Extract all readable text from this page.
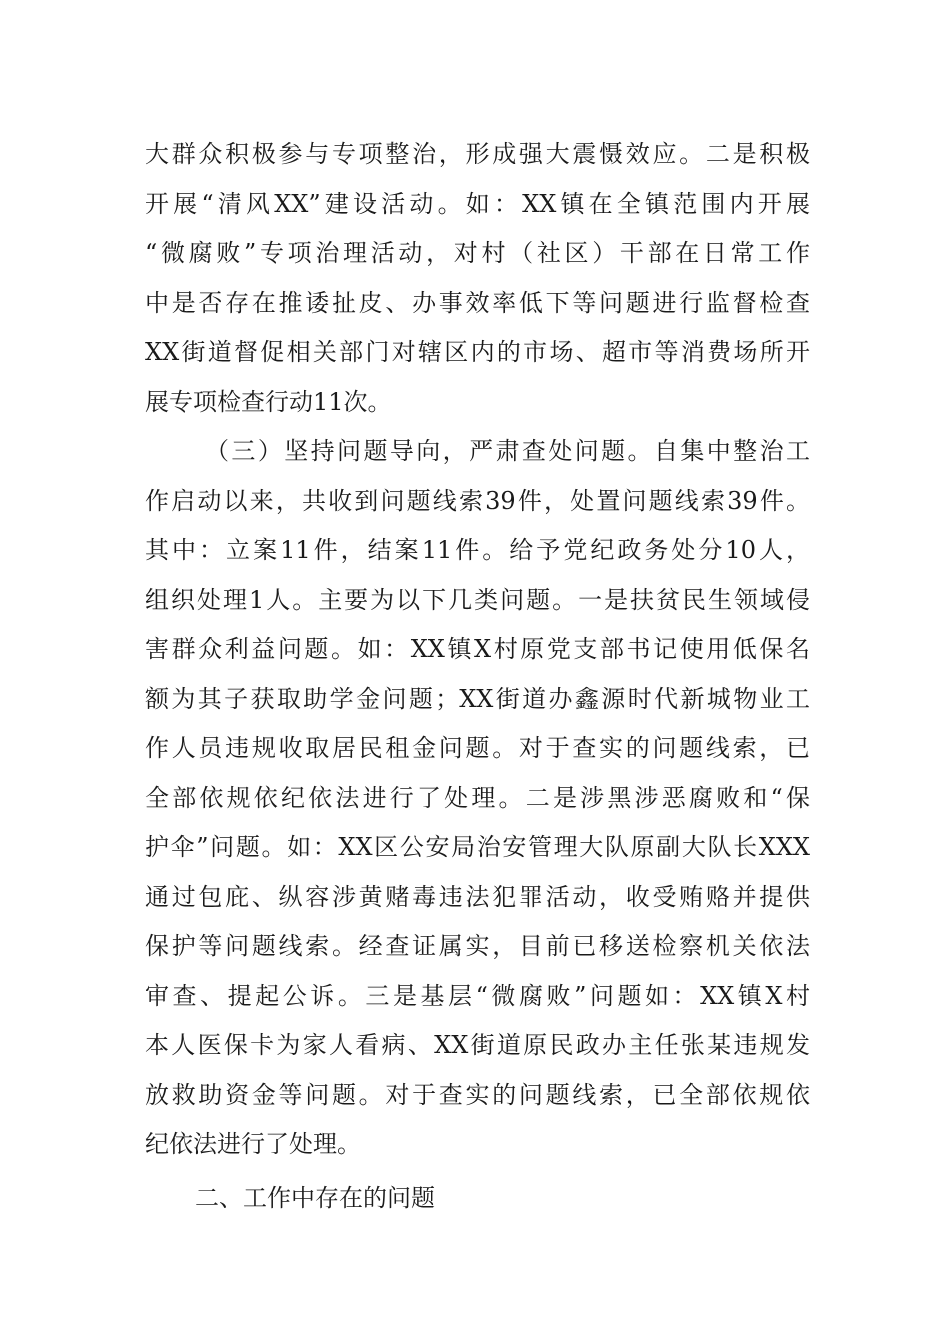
大群众积极参与专项整治，形成强大震慑效应。二是积极
开展“清风XX”建设活动。如：XX镇在全镇范围内开展
“微腐败”专项治理活动，对村（社区）干部在日常工作
中是否存在推诿扯皮、办事效率低下等问题进行监督检查
XX街道督促相关部门对辖区内的市场、超市等消费场所开
展专项检查行动11次。
（三）坚持问题导向，严肃查处问题。自集中整治工
作启动以来，共收到问题线索39件，处置问题线索39件。
其中：立案11件，结案11件。给予党纪政务处分10人，
组织处理1人。主要为以下几类问题。一是扶贫民生领域侵
害群众利益问题。如：XX镇X村原党支部书记使用低保名
额为其子获取助学金问题；XX街道办鑫源时代新城物业工
作人员违规收取居民租金问题。对于查实的问题线索，已
全部依规依纪依法进行了处理。二是涉黑涉恶腐败和“保
护伞”问题。如：XX区公安局治安管理大队原副大队长XXX
通过包庇、纵容涉黄赌毒违法犯罪活动，收受贿赂并提供
保护等问题线索。经查证属实，目前已移送检察机关依法
审查、提起公诉。三是基层“微腐败”问题如：XX镇X村
本人医保卡为家人看病、XX街道原民政办主任张某违规发
放救助资金等问题。对于查实的问题线索，已全部依规依
纪依法进行了处理。
二、工作中存在的问题
